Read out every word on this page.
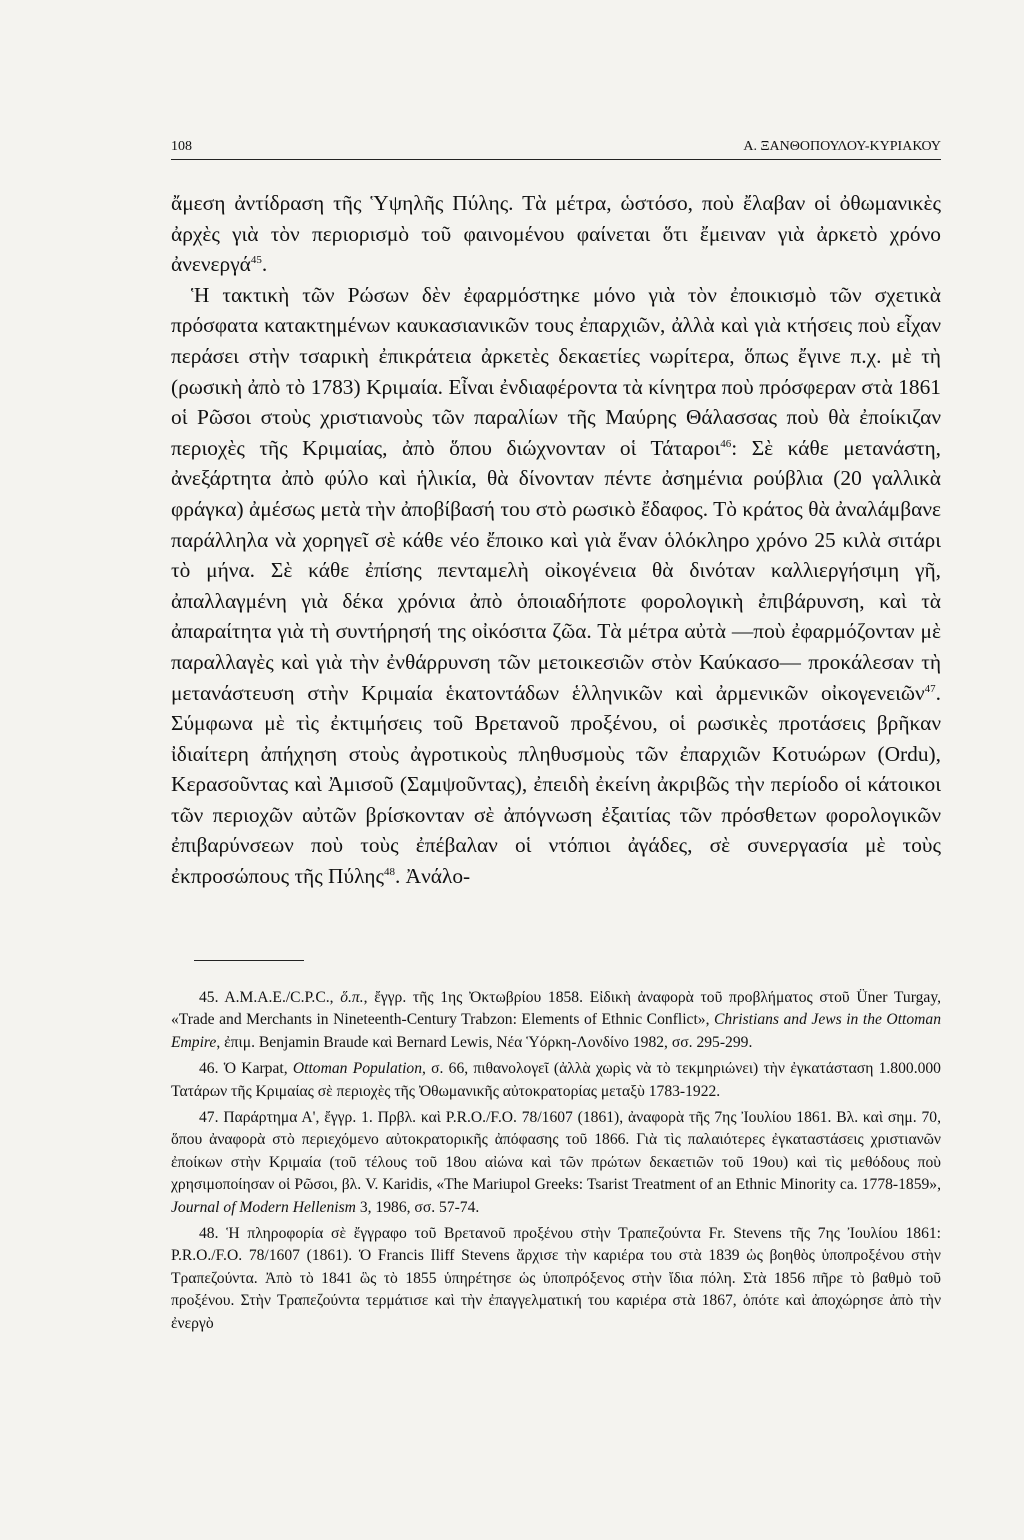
108	Α. ΞΑΝΘΟΠΟΥΛΟΥ-ΚΥΡΙΑΚΟΥ

ἄμεση ἀντίδραση τῆς Ὑψηλῆς Πύλης. Τὰ μέτρα, ὡστόσο, ποὺ ἔλαβαν οἱ ὀθωμανικὲς ἀρχὲς γιὰ τὸν περιορισμὸ τοῦ φαινομένου φαίνεται ὅτι ἔμειναν γιὰ ἀρκετὸ χρόνο ἀνενεργά$^{45}$.

Ἡ τακτικὴ τῶν Ρώσων δὲν ἐφαρμόστηκε μόνο γιὰ τὸν ἐποικισμὸ τῶν σχετικὰ πρόσφατα κατακτημένων καυκασιανικῶν τους ἐπαρχιῶν, ἀλλὰ καὶ γιὰ κτήσεις ποὺ εἶχαν περάσει στὴν τσαρικὴ ἐπικράτεια ἀρκετὲς δεκαετίες νωρίτερα, ὅπως ἔγινε π.χ. μὲ τὴ (ρωσικὴ ἀπὸ τὸ 1783) Κριμαία. Εἶναι ἐνδιαφέροντα τὰ κίνητρα ποὺ πρόσφεραν στὰ 1861 οἱ Ρῶσοι στοὺς χριστιανοὺς τῶν παραλίων τῆς Μαύρης Θάλασσας ποὺ θὰ ἐποίκιζαν περιοχὲς τῆς Κριμαίας, ἀπὸ ὅπου διώχνονταν οἱ Τάταροι$^{46}$: Σὲ κάθε μετανάστη, ἀνεξάρτητα ἀπὸ φύλο καὶ ἡλικία, θὰ δίνονταν πέντε ἀσημένια ρούβλια (20 γαλλικὰ φράγκα) ἀμέσως μετὰ τὴν ἀποβίβασή του στὸ ρωσικὸ ἔδαφος. Τὸ κράτος θὰ ἀναλάμβανε παράλληλα νὰ χορηγεῖ σὲ κάθε νέο ἔποικο καὶ γιὰ ἕναν ὁλόκληρο χρόνο 25 κιλὰ σιτάρι τὸ μήνα. Σὲ κάθε ἐπίσης πενταμελὴ οἰκογένεια θὰ δινόταν καλλιεργήσιμη γῆ, ἀπαλλαγμένη γιὰ δέκα χρόνια ἀπὸ ὁποιαδήποτε φορολογικὴ ἐπιβάρυνση, καὶ τὰ ἀπαραίτητα γιὰ τὴ συντήρησή της οἰκόσιτα ζῶα. Τὰ μέτρα αὐτὰ —ποὺ ἐφαρμόζονταν μὲ παραλλαγὲς καὶ γιὰ τὴν ἐνθάρρυνση τῶν μετοικεσιῶν στὸν Καύκασο— προκάλεσαν τὴ μετανάστευση στὴν Κριμαία ἑκατοντάδων ἑλληνικῶν καὶ ἀρμενικῶν οἰκογενειῶν$^{47}$. Σύμφωνα μὲ τὶς ἐκτιμήσεις τοῦ Βρετανοῦ προξένου, οἱ ρωσικὲς προτάσεις βρῆκαν ἰδιαίτερη ἀπήχηση στοὺς ἀγροτικοὺς πληθυσμοὺς τῶν ἐπαρχιῶν Κοτυώρων (Ordu), Κερασοῦντας καὶ Ἀμισοῦ (Σαμψοῦντας), ἐπειδὴ ἐκείνη ἀκριβῶς τὴν περίοδο οἱ κάτοικοι τῶν περιοχῶν αὐτῶν βρίσκονταν σὲ ἀπόγνωση ἐξαιτίας τῶν πρόσθετων φορολογικῶν ἐπιβαρύνσεων ποὺ τοὺς ἐπέβαλαν οἱ ντόπιοι ἀγάδες, σὲ συνεργασία μὲ τοὺς ἐκπροσώπους τῆς Πύλης$^{48}$. Ἀνάλο-

45. A.M.A.E./C.P.C., ὅ.π., ἔγγρ. τῆς 1ης Ὀκτωβρίου 1858. Εἰδικὴ ἀναφορὰ τοῦ προβλήματος στοῦ Üner Turgay, «Trade and Merchants in Nineteenth-Century Trabzon: Elements of Ethnic Conflict», Christians and Jews in the Ottoman Empire, ἐπιμ. Benjamin Braude καὶ Bernard Lewis, Νέα Ὑόρκη-Λονδίνο 1982, σσ. 295-299.

46. Ὁ Karpat, Ottoman Population, σ. 66, πιθανολογεῖ (ἀλλὰ χωρὶς νὰ τὸ τεκμηριώνει) τὴν ἐγκατάσταση 1.800.000 Τατάρων τῆς Κριμαίας σὲ περιοχὲς τῆς Ὀθωμανικῆς αὐτοκρατορίας μεταξὺ 1783-1922.

47. Παράρτημα Α', ἔγγρ. 1. Πρβλ. καὶ P.R.O./F.O. 78/1607 (1861), ἀναφορὰ τῆς 7ης Ἰουλίου 1861. Βλ. καὶ σημ. 70, ὅπου ἀναφορὰ στὸ περιεχόμενο αὐτοκρατορικῆς ἀπόφασης τοῦ 1866. Γιὰ τὶς παλαιότερες ἐγκαταστάσεις χριστιανῶν ἐποίκων στὴν Κριμαία (τοῦ τέλους τοῦ 18ου αἰώνα καὶ τῶν πρώτων δεκαετιῶν τοῦ 19ου) καὶ τὶς μεθόδους ποὺ χρησιμοποίησαν οἱ Ρῶσοι, βλ. V. Karidis, «The Mariupol Greeks: Tsarist Treatment of an Ethnic Minority ca. 1778-1859», Journal of Modern Hellenism 3, 1986, σσ. 57-74.

48. Ἡ πληροφορία σὲ ἔγγραφο τοῦ Βρετανοῦ προξένου στὴν Τραπεζούντα Fr. Stevens τῆς 7ης Ἰουλίου 1861: P.R.O./F.O. 78/1607 (1861). Ὁ Francis Iliff Stevens ἄρχισε τὴν καριέρα του στὰ 1839 ὡς βοηθὸς ὑποπροξένου στὴν Τραπεζούντα. Ἀπὸ τὸ 1841 ὣς τὸ 1855 ὑπηρέτησε ὡς ὑποπρόξενος στὴν ἴδια πόλη. Στὰ 1856 πῆρε τὸ βαθμὸ τοῦ προξένου. Στὴν Τραπεζούντα τερμάτισε καὶ τὴν ἐπαγγελματική του καριέρα στὰ 1867, ὁπότε καὶ ἀποχώρησε ἀπὸ τὴν ἐνεργὸ
